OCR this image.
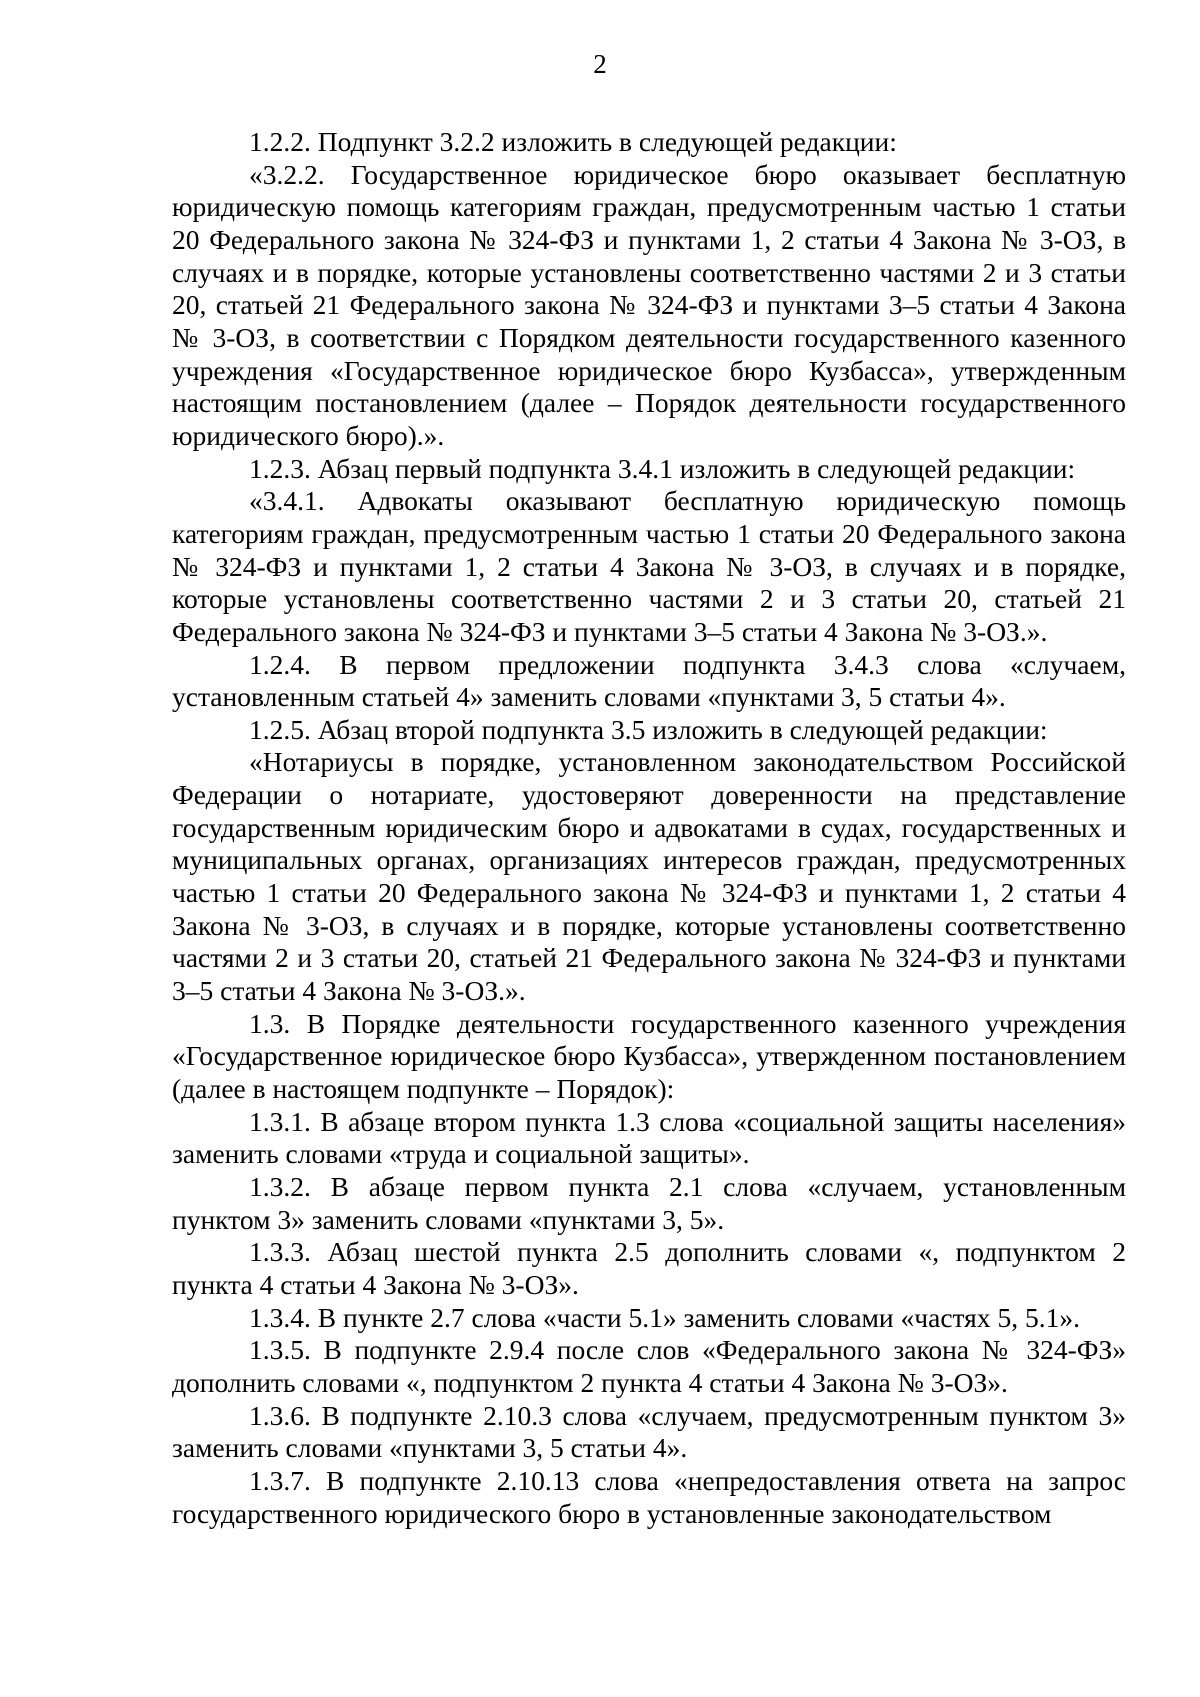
2

1.2.2. Подпункт 3.2.2 изложить в следующей редакции:

«3.2.2. Государственное юридическое бюро оказывает бесплатную юридическую помощь категориям граждан, предусмотренным частью 1 статьи 20 Федерального закона № 324-ФЗ и пунктами 1, 2 статьи 4 Закона № 3-ОЗ, в случаях и в порядке, которые установлены соответственно частями 2 и 3 статьи 20, статьей 21 Федерального закона № 324-ФЗ и пунктами 3–5 статьи 4 Закона № 3-ОЗ, в соответствии с Порядком деятельности государственного казенного учреждения «Государственное юридическое бюро Кузбасса», утвержденным настоящим постановлением (далее – Порядок деятельности государственного юридического бюро).».

1.2.3. Абзац первый подпункта 3.4.1 изложить в следующей редакции:

«3.4.1. Адвокаты оказывают бесплатную юридическую помощь категориям граждан, предусмотренным частью 1 статьи 20 Федерального закона № 324-ФЗ и пунктами 1, 2 статьи 4 Закона № 3-ОЗ, в случаях и в порядке, которые установлены соответственно частями 2 и 3 статьи 20, статьей 21 Федерального закона № 324-ФЗ и пунктами 3–5 статьи 4 Закона № 3-ОЗ.».

1.2.4. В первом предложении подпункта 3.4.3 слова «случаем, установленным статьей 4» заменить словами «пунктами 3, 5 статьи 4».

1.2.5. Абзац второй подпункта 3.5 изложить в следующей редакции:

«Нотариусы в порядке, установленном законодательством Российской Федерации о нотариате, удостоверяют доверенности на представление государственным юридическим бюро и адвокатами в судах, государственных и муниципальных органах, организациях интересов граждан, предусмотренных частью 1 статьи 20 Федерального закона № 324-ФЗ и пунктами 1, 2 статьи 4 Закона № 3-ОЗ, в случаях и в порядке, которые установлены соответственно частями 2 и 3 статьи 20, статьей 21 Федерального закона № 324-ФЗ и пунктами 3–5 статьи 4 Закона № 3-ОЗ.».

1.3. В Порядке деятельности государственного казенного учреждения «Государственное юридическое бюро Кузбасса», утвержденном постановлением (далее в настоящем подпункте – Порядок):

1.3.1. В абзаце втором пункта 1.3 слова «социальной защиты населения» заменить словами «труда и социальной защиты».

1.3.2. В абзаце первом пункта 2.1 слова «случаем, установленным пунктом 3» заменить словами «пунктами 3, 5».

1.3.3. Абзац шестой пункта 2.5 дополнить словами «, подпунктом 2 пункта 4 статьи 4 Закона № 3-ОЗ».

1.3.4. В пункте 2.7 слова «части 5.1» заменить словами «частях 5, 5.1».

1.3.5. В подпункте 2.9.4 после слов «Федерального закона № 324-ФЗ» дополнить словами «, подпунктом 2 пункта 4 статьи 4 Закона № 3-ОЗ».

1.3.6. В подпункте 2.10.3 слова «случаем, предусмотренным пунктом 3» заменить словами «пунктами 3, 5 статьи 4».

1.3.7. В подпункте 2.10.13 слова «непредоставления ответа на запрос государственного юридического бюро в установленные законодательством
